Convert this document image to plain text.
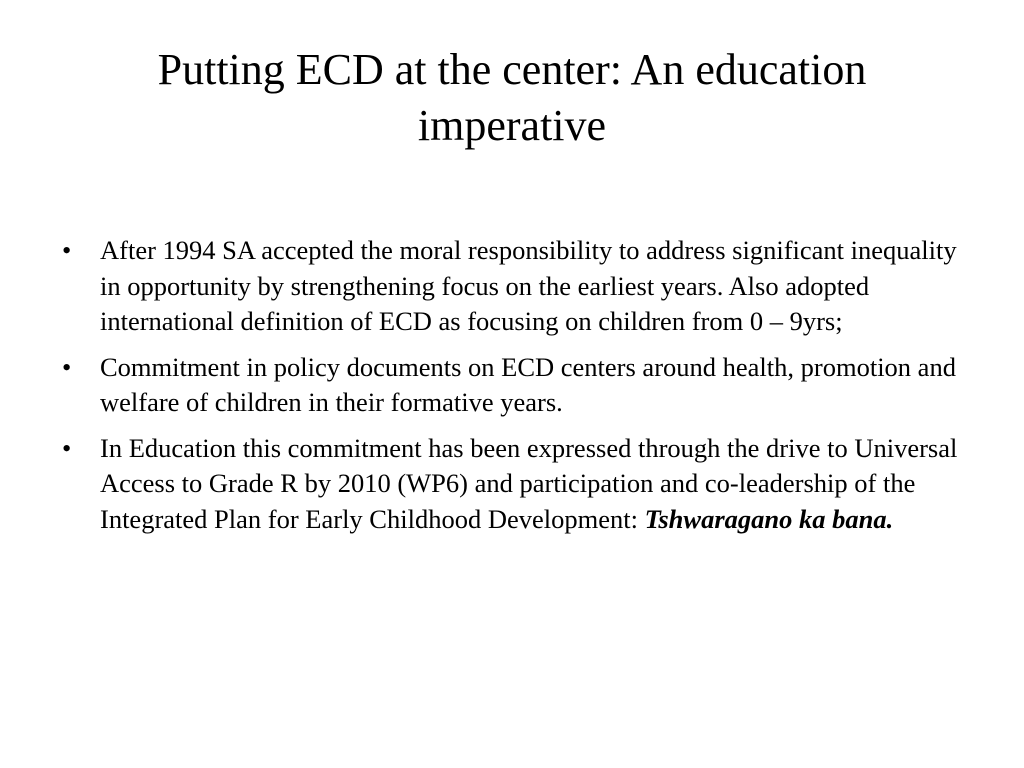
Putting ECD at the center: An education imperative
•	After 1994 SA accepted the moral responsibility to address significant inequality in opportunity by strengthening focus on the earliest years. Also adopted international definition of ECD as focusing on children from 0 – 9yrs;
•	Commitment in policy documents on ECD centers around health, promotion and welfare of children in their formative years.
•	In Education this commitment has been expressed through the drive to Universal Access to Grade R by 2010 (WP6) and participation and co-leadership of the Integrated Plan for Early Childhood Development: Tshwaragano ka bana.
